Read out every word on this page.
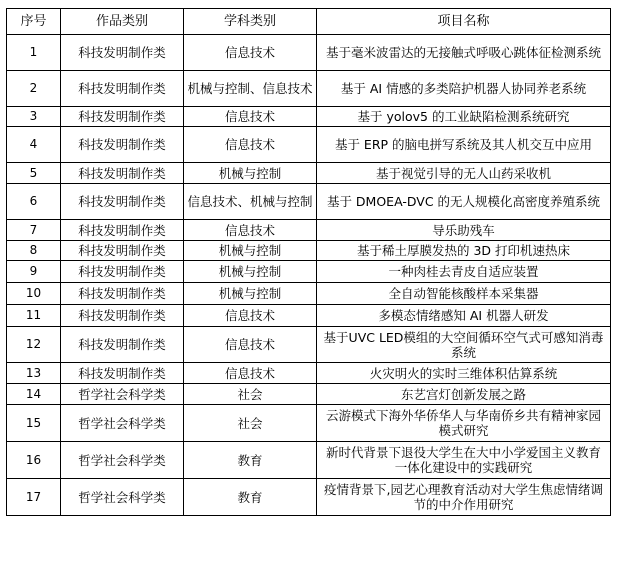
序号	作品类别	学科类别	项目名称
1	科技发明制作类	信息技术	基于毫米波雷达的无接触式呼吸心跳体征检测系统
2	科技发明制作类	机械与控制、信息技术	基于 AI 情感的多类陪护机器人协同养老系统
3	科技发明制作类	信息技术	基于 yolov5 的工业缺陷检测系统研究
4	科技发明制作类	信息技术	基于 ERP 的脑电拼写系统及其人机交互中应用
5	科技发明制作类	机械与控制	基于视觉引导的无人山药采收机
6	科技发明制作类	信息技术、机械与控制	基于 DMOEA-DVC 的无人规模化高密度养殖系统
7	科技发明制作类	信息技术	导乐助残车
8	科技发明制作类	机械与控制	基于稀土厚膜发热的 3D 打印机速热床
9	科技发明制作类	机械与控制	一种肉桂去青皮自适应装置
10	科技发明制作类	机械与控制	全自动智能核酸样本采集器
11	科技发明制作类	信息技术	多模态情绪感知 AI 机器人研发
12	科技发明制作类	信息技术	基于UVC LED模组的大空间循环空气式可感知消毒系统
13	科技发明制作类	信息技术	火灾明火的实时三维体积估算系统
14	哲学社会科学类	社会	东艺宫灯创新发展之路
15	哲学社会科学类	社会	云游模式下海外华侨华人与华南侨乡共有精神家园模式研究
16	哲学社会科学类	教育	新时代背景下退役大学生在大中小学爱国主义教育一体化建设中的实践研究
17	哲学社会科学类	教育	疫情背景下,园艺心理教育活动对大学生焦虑情绪调节的中介作用研究
